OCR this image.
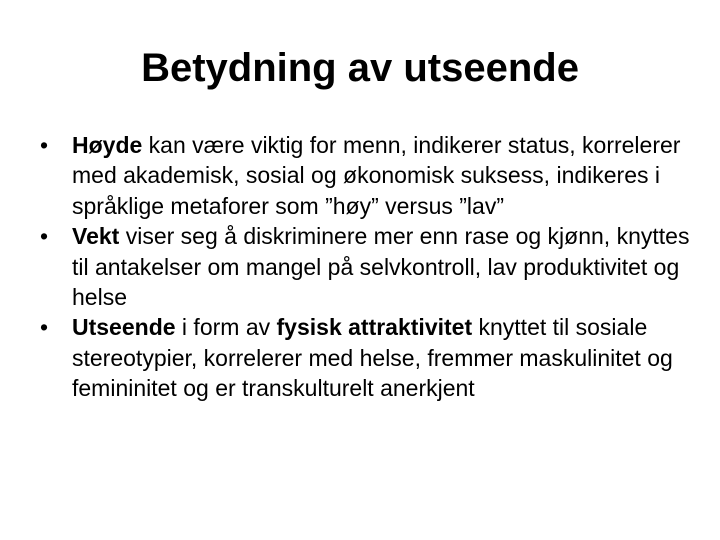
Betydning av utseende
•	Høyde kan være viktig for menn, indikerer status, korrelerer med akademisk, sosial og økonomisk suksess, indikeres i språklige metaforer som ”høy” versus ”lav”
•	Vekt viser seg å diskriminere mer enn rase og kjønn, knyttes til antakelser om mangel på selvkontroll, lav produktivitet og helse
•	Utseende i form av fysisk attraktivitet knyttet til sosiale stereotypier, korrelerer med helse, fremmer maskulinitet og femininitet og er transkulturelt anerkjent
